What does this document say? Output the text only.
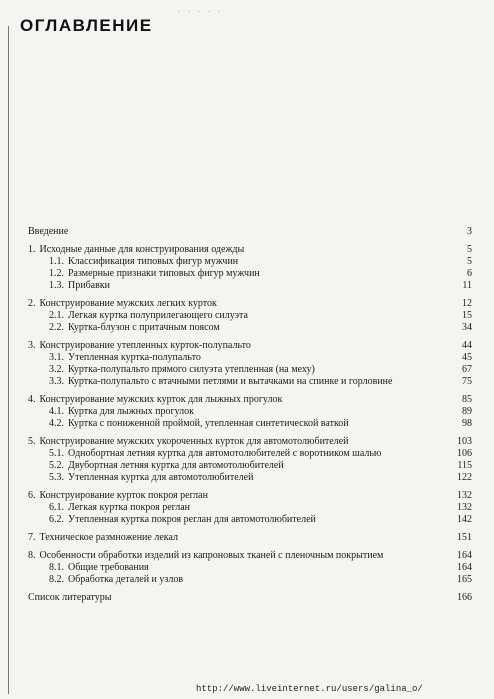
. . . . .
ОГЛАВЛЕНИЕ
Введение	3
1. Исходные данные для конструирования одежды	5
1.1. Классификация типовых фигур мужчин	5
1.2. Размерные признаки типовых фигур мужчин	6
1.3. Прибавки	11
2. Конструирование мужских легких курток	12
2.1. Легкая куртка полуприлегающего силуэта	15
2.2. Куртка-блузон с притачным поясом	34
3. Конструирование утепленных курток-полупальто	44
3.1. Утепленная куртка-полупальто	45
3.2. Куртка-полупальто прямого силуэта утепленная (на меху)	67
3.3. Куртка-полупальто с втачными петлями и вытачками на спинке и горловине	75
4. Конструирование мужских курток для лыжных прогулок	85
4.1. Куртка для лыжных прогулок	89
4.2. Куртка с пониженной проймой, утепленная синтетической ваткой	98
5. Конструирование мужских укороченных курток для автомотолюбителей	103
5.1. Однобортная летняя куртка для автомотолюбителей с воротником шалью	106
5.2. Двубортная летняя куртка для автомотолюбителей	115
5.3. Утепленная куртка для автомотолюбителей	122
6. Конструирование курток покроя реглан	132
6.1. Легкая куртка покроя реглан	132
6.2. Утепленная куртка покроя реглан для автомотолюбителей	142
7. Техническое размножение лекал	151
8. Особенности обработки изделий из капроновых тканей с пленочным покрытием	164
8.1. Общие требования	164
8.2. Обработка деталей и узлов	165
Список литературы	166
http://www.liveinternet.ru/users/galina_o/
